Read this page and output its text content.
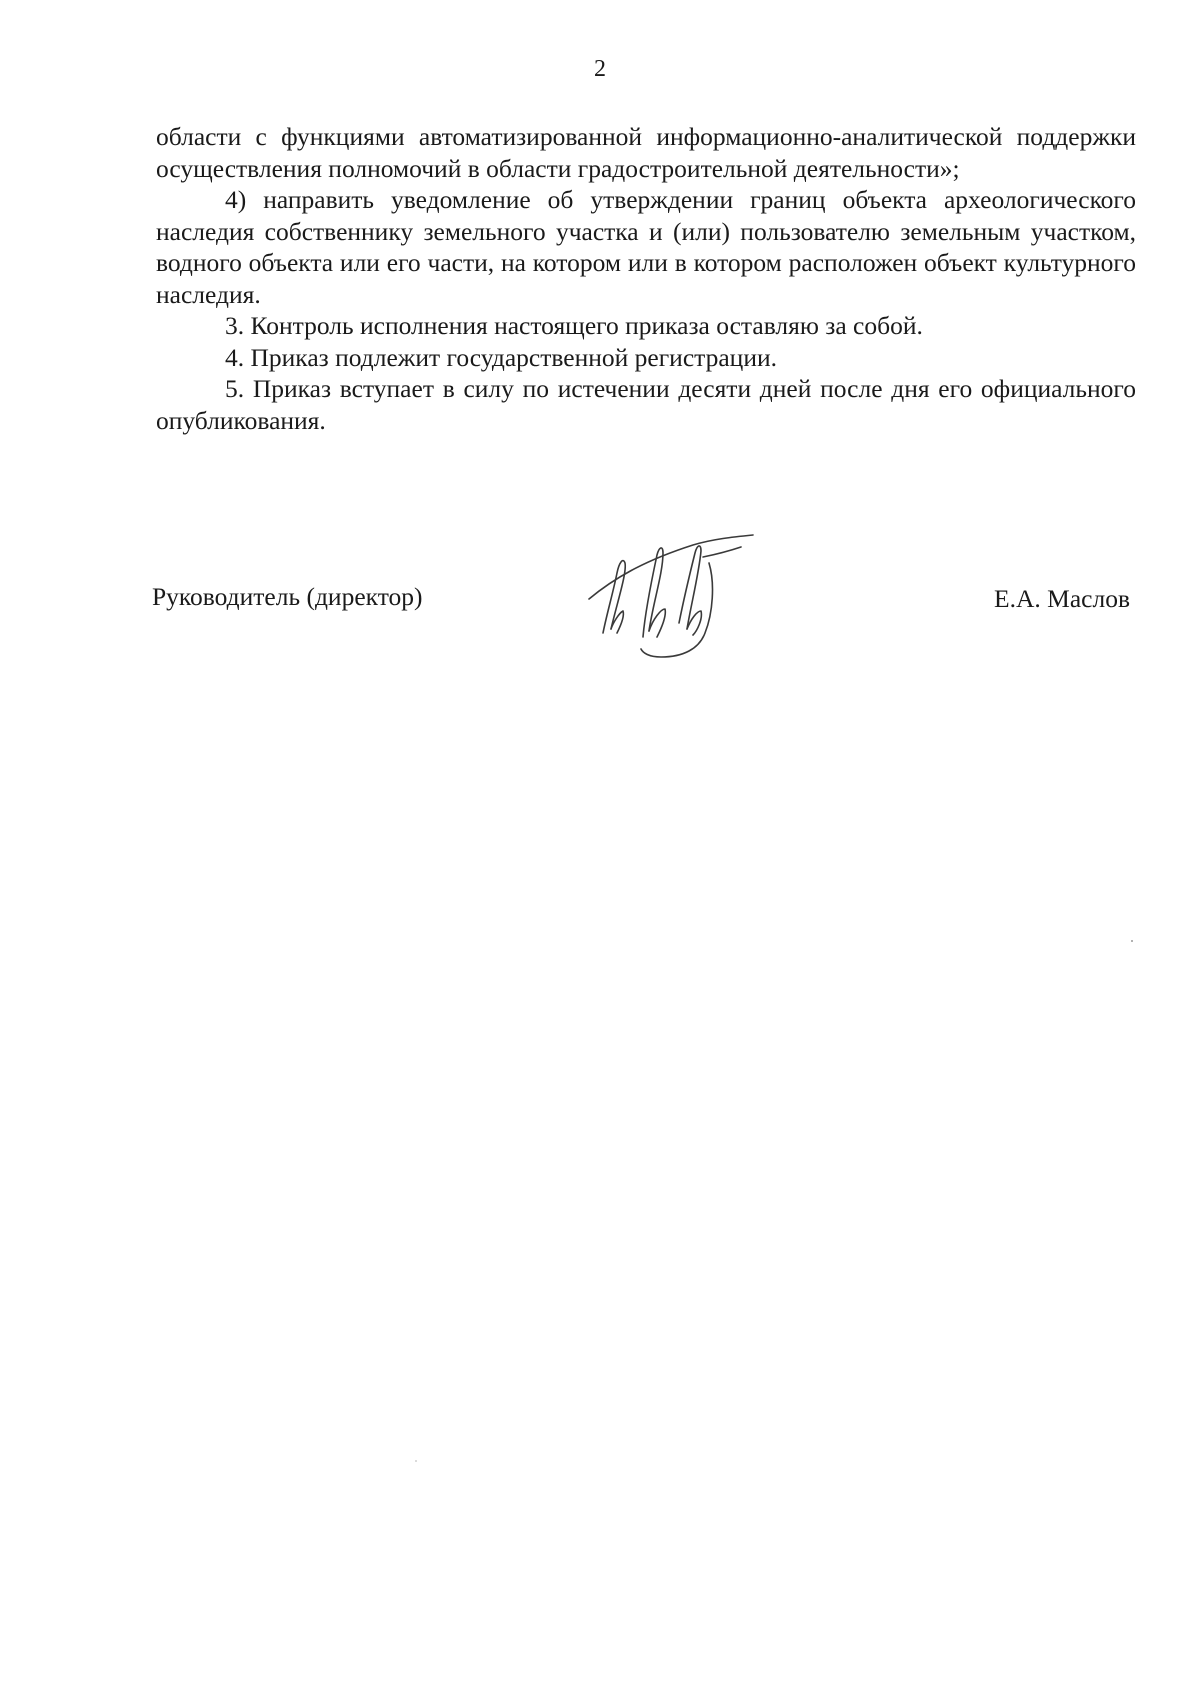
2

области с функциями автоматизированной информационно-аналитической поддержки осуществления полномочий в области градостроительной деятельности»;

4) направить уведомление об утверждении границ объекта археологического наследия собственнику земельного участка и (или) пользователю земельным участком, водного объекта или его части, на котором или в котором расположен объект культурного наследия.

3. Контроль исполнения настоящего приказа оставляю за собой.

4. Приказ подлежит государственной регистрации.

5. Приказ вступает в силу по истечении десяти дней после дня его официального опубликования.

Руководитель (директор)	Е.А. Маслов
